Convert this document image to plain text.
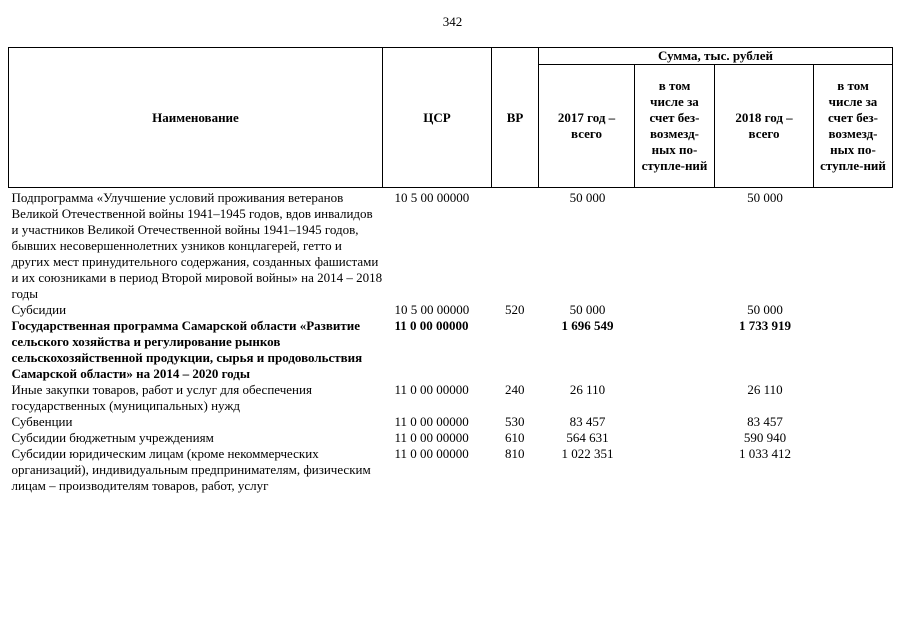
342
Наименование	ЦСР	ВР	Сумма, тыс. рублей			

			2017 год – всего	в том числе за счет без-возмезд-ных по-ступле-ний	2018 год – всего	в том числе за счет без-возмезд-ных по-ступле-ний

Подпрограмма «Улучшение условий проживания ветеранов Великой Отечественной войны 1941–1945 годов, вдов инвалидов и участников Великой Отечественной войны 1941–1945 годов, бывших несовершеннолетних узников концлагерей, гетто и других мест принудительного содержания, созданных фашистами и их союзниками в период Второй мировой войны» на 2014 – 2018 годы	10 5 00 00000		50 000		50 000	
Субсидии	10 5 00 00000	520	50 000		50 000	
Государственная программа Самарской области «Развитие сельского хозяйства и регулирование рынков сельскохозяйственной продукции, сырья и продовольствия Самарской области» на 2014 – 2020 годы	11 0 00 00000		1 696 549		1 733 919	
Иные закупки товаров, работ и услуг для обеспечения государственных (муниципальных) нужд	11 0 00 00000	240	26 110		26 110	
Субвенции	11 0 00 00000	530	83 457		83 457	
Субсидии бюджетным учреждениям	11 0 00 00000	610	564 631		590 940	
Субсидии юридическим лицам (кроме некоммерческих организаций), индивидуальным предпринимателям, физическим лицам – производителям товаров, работ, услуг	11 0 00 00000	810	1 022 351		1 033 412	
